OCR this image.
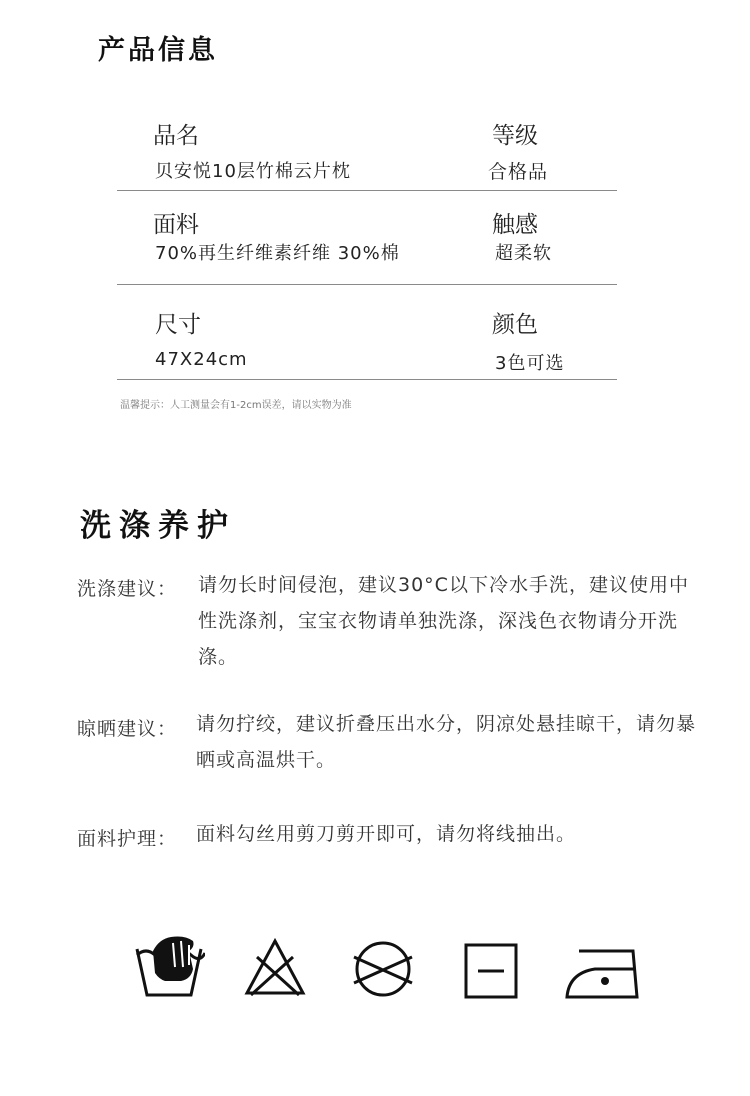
产品信息
品名
贝安悦10层竹棉云片枕
等级
合格品
面料
70%再生纤维素纤维 30%棉
触感
超柔软
尺寸
47X24cm
颜色
3色可选
温馨提示：人工测量会有1-2cm误差，请以实物为准
洗涤养护
洗涤建议： 请勿长时间侵泡，建议30°C以下冷水手洗，建议使用中性洗涤剂，宝宝衣物请单独洗涤，深浅色衣物请分开洗涤。
晾晒建议： 请勿拧绞，建议折叠压出水分，阴凉处悬挂晾干，请勿暴晒或高温烘干。
面料护理： 面料勾丝用剪刀剪开即可，请勿将线抽出。
